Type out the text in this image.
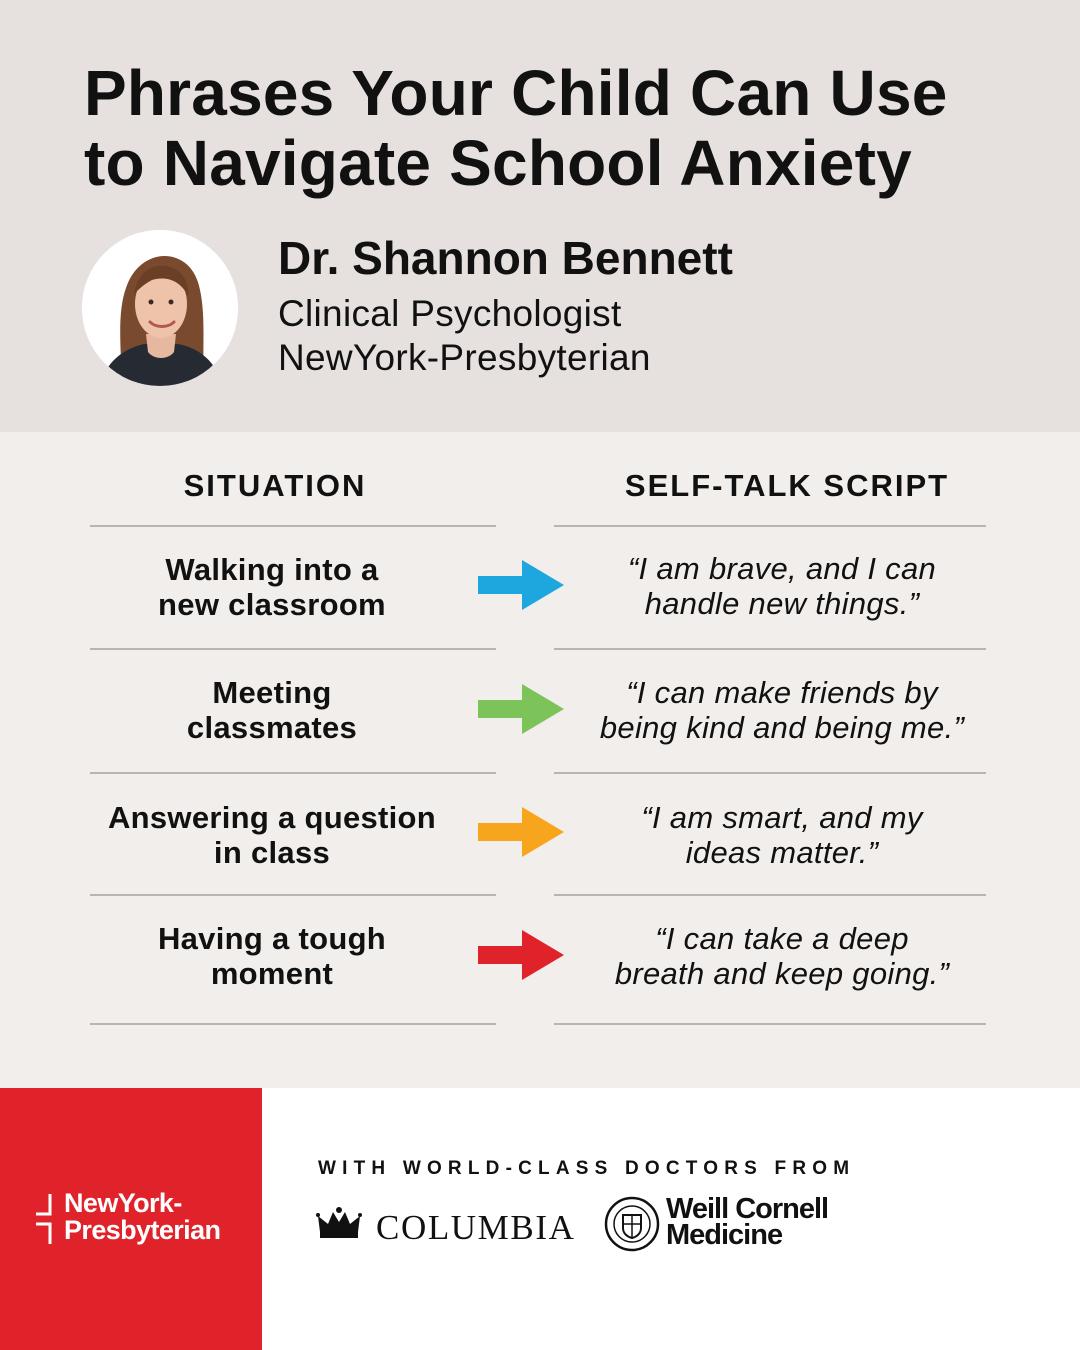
Phrases Your Child Can Use
to Navigate School Anxiety
Dr. Shannon Bennett
Clinical Psychologist
NewYork-Presbyterian
SITUATION	SELF-TALK SCRIPT
Walking into a
new classroom
“I am brave, and I can
handle new things.”
Meeting
classmates
“I can make friends by
being kind and being me.”
Answering a question
in class
“I am smart, and my
ideas matter.”
Having a tough
moment
“I can take a deep
breath and keep going.”
NewYork-
Presbyterian
WITH WORLD-CLASS DOCTORS FROM
COLUMBIA	Weill Cornell
Medicine
